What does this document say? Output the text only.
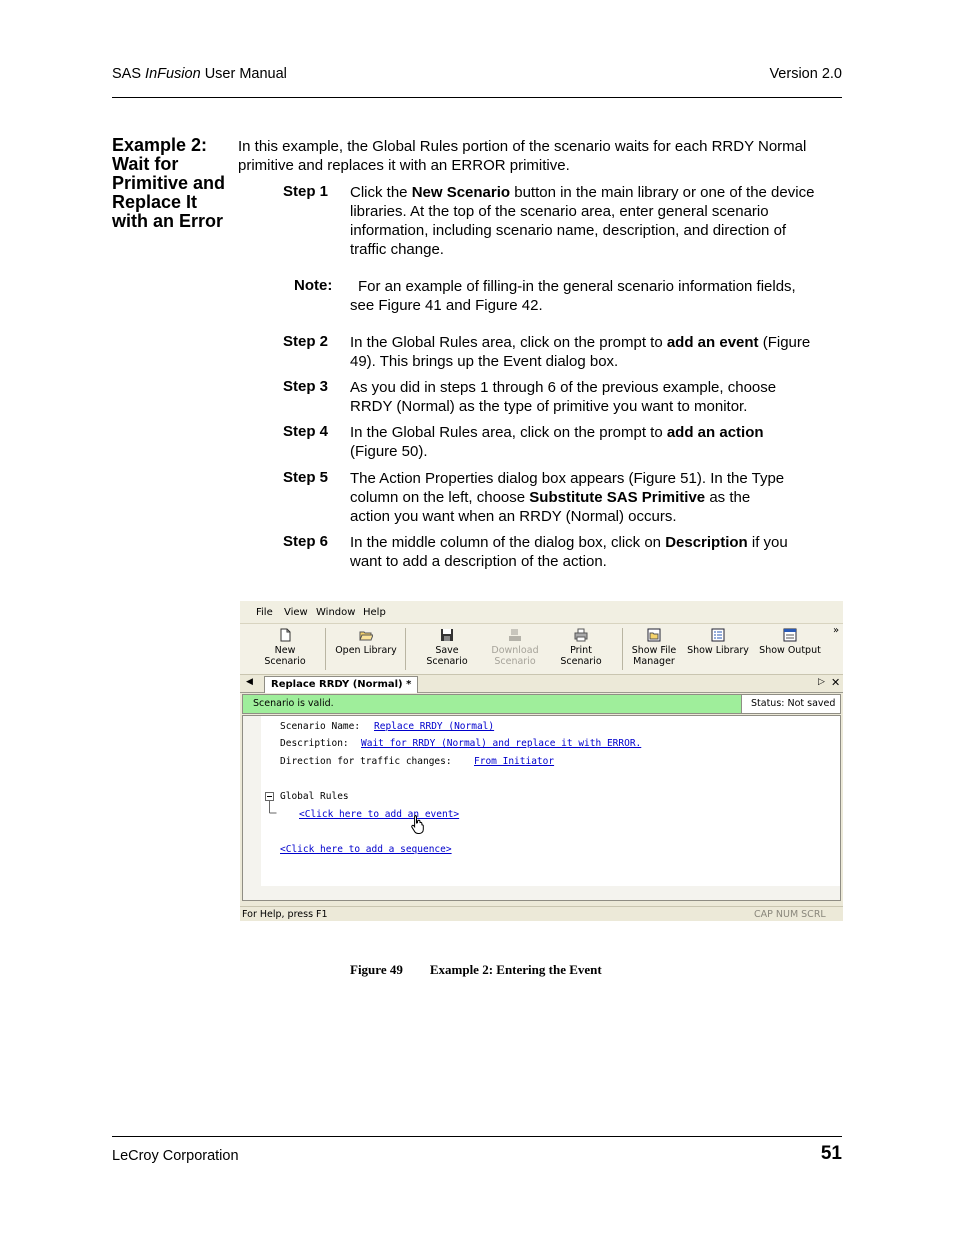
SAS InFusion User Manual	Version 2.0
Example 2: Wait for Primitive and Replace It with an Error
In this example, the Global Rules portion of the scenario waits for each RRDY Normal primitive and replaces it with an ERROR primitive.
Step 1	Click the New Scenario button in the main library or one of the device libraries. At the top of the scenario area, enter general scenario information, including scenario name, description, and direction of traffic change.
Note:	For an example of filling-in the general scenario information fields, see Figure 41 and Figure 42.
Step 2	In the Global Rules area, click on the prompt to add an event (Figure 49). This brings up the Event dialog box.
Step 3	As you did in steps 1 through 6 of the previous example, choose RRDY (Normal) as the type of primitive you want to monitor.
Step 4	In the Global Rules area, click on the prompt to add an action (Figure 50).
Step 5	The Action Properties dialog box appears (Figure 51). In the Type column on the left, choose Substitute SAS Primitive as the action you want when an RRDY (Normal) occurs.
Step 6	In the middle column of the dialog box, click on Description if you want to add a description of the action.
File View Window Help
New Scenario
Open Library	Save Scenario
Download Scenario
Print Scenario
Show File Manager
Show Library Show Output
»
◀	Replace RRDY (Normal) *	▷ ✕
Scenario is valid.	Status: Not saved
Scenario Name: Replace RRDY (Normal)
Description: Wait for RRDY (Normal) and replace it with ERROR.
Direction for traffic changes: From Initiator
Global Rules
<Click here to add an event>
<Click here to add a sequence>
For Help, press F1	CAP NUM SCRL
Figure 49 Example 2: Entering the Event
LeCroy Corporation	51
